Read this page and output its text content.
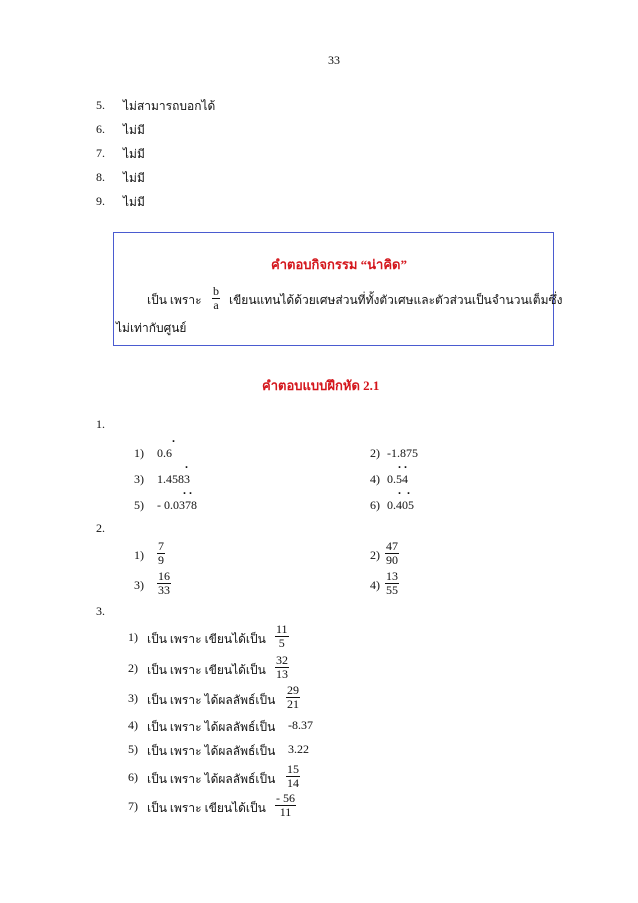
33
5. ไม่สามารถบอกได้
6. ไม่มี
7. ไม่มี
8. ไม่มี
9. ไม่มี
คำตอบกิจกรรม “น่าคิด”
เป็น เพราะ $\frac{b}{a}$ เขียนแทนได้ด้วยเศษส่วนที่ทั้งตัวเศษและตัวส่วนเป็นจำนวนเต็มซึ่ง
ไม่เท่ากับศูนย์
คำตอบแบบฝึกหัด 2.1
1.
1) 0.6
.
2) -1.875
3) 1.4583
.
4) 0.54
. .
5) - 0.0378
. .
6) 0.405
.  .
2.
$1) \frac{7}{9}$	$2) \frac{47}{90}$
$3) \frac{16}{33}$	$4) \frac{13}{55}$
3.
1) เป็น เพราะ เขียนได้เป็น $\frac{11}{5}$
2) เป็น เพราะ เขียนได้เป็น $\frac{32}{13}$
3) เป็น เพราะ ได้ผลลัพธ์เป็น $\frac{29}{21}$
4) เป็น เพราะ ได้ผลลัพธ์เป็น -8.37
5) เป็น เพราะ ได้ผลลัพธ์เป็น 3.22
6) เป็น เพราะ ได้ผลลัพธ์เป็น $\frac{15}{14}$
7) เป็น เพราะ เขียนได้เป็น $\frac{- 56}{11}$
